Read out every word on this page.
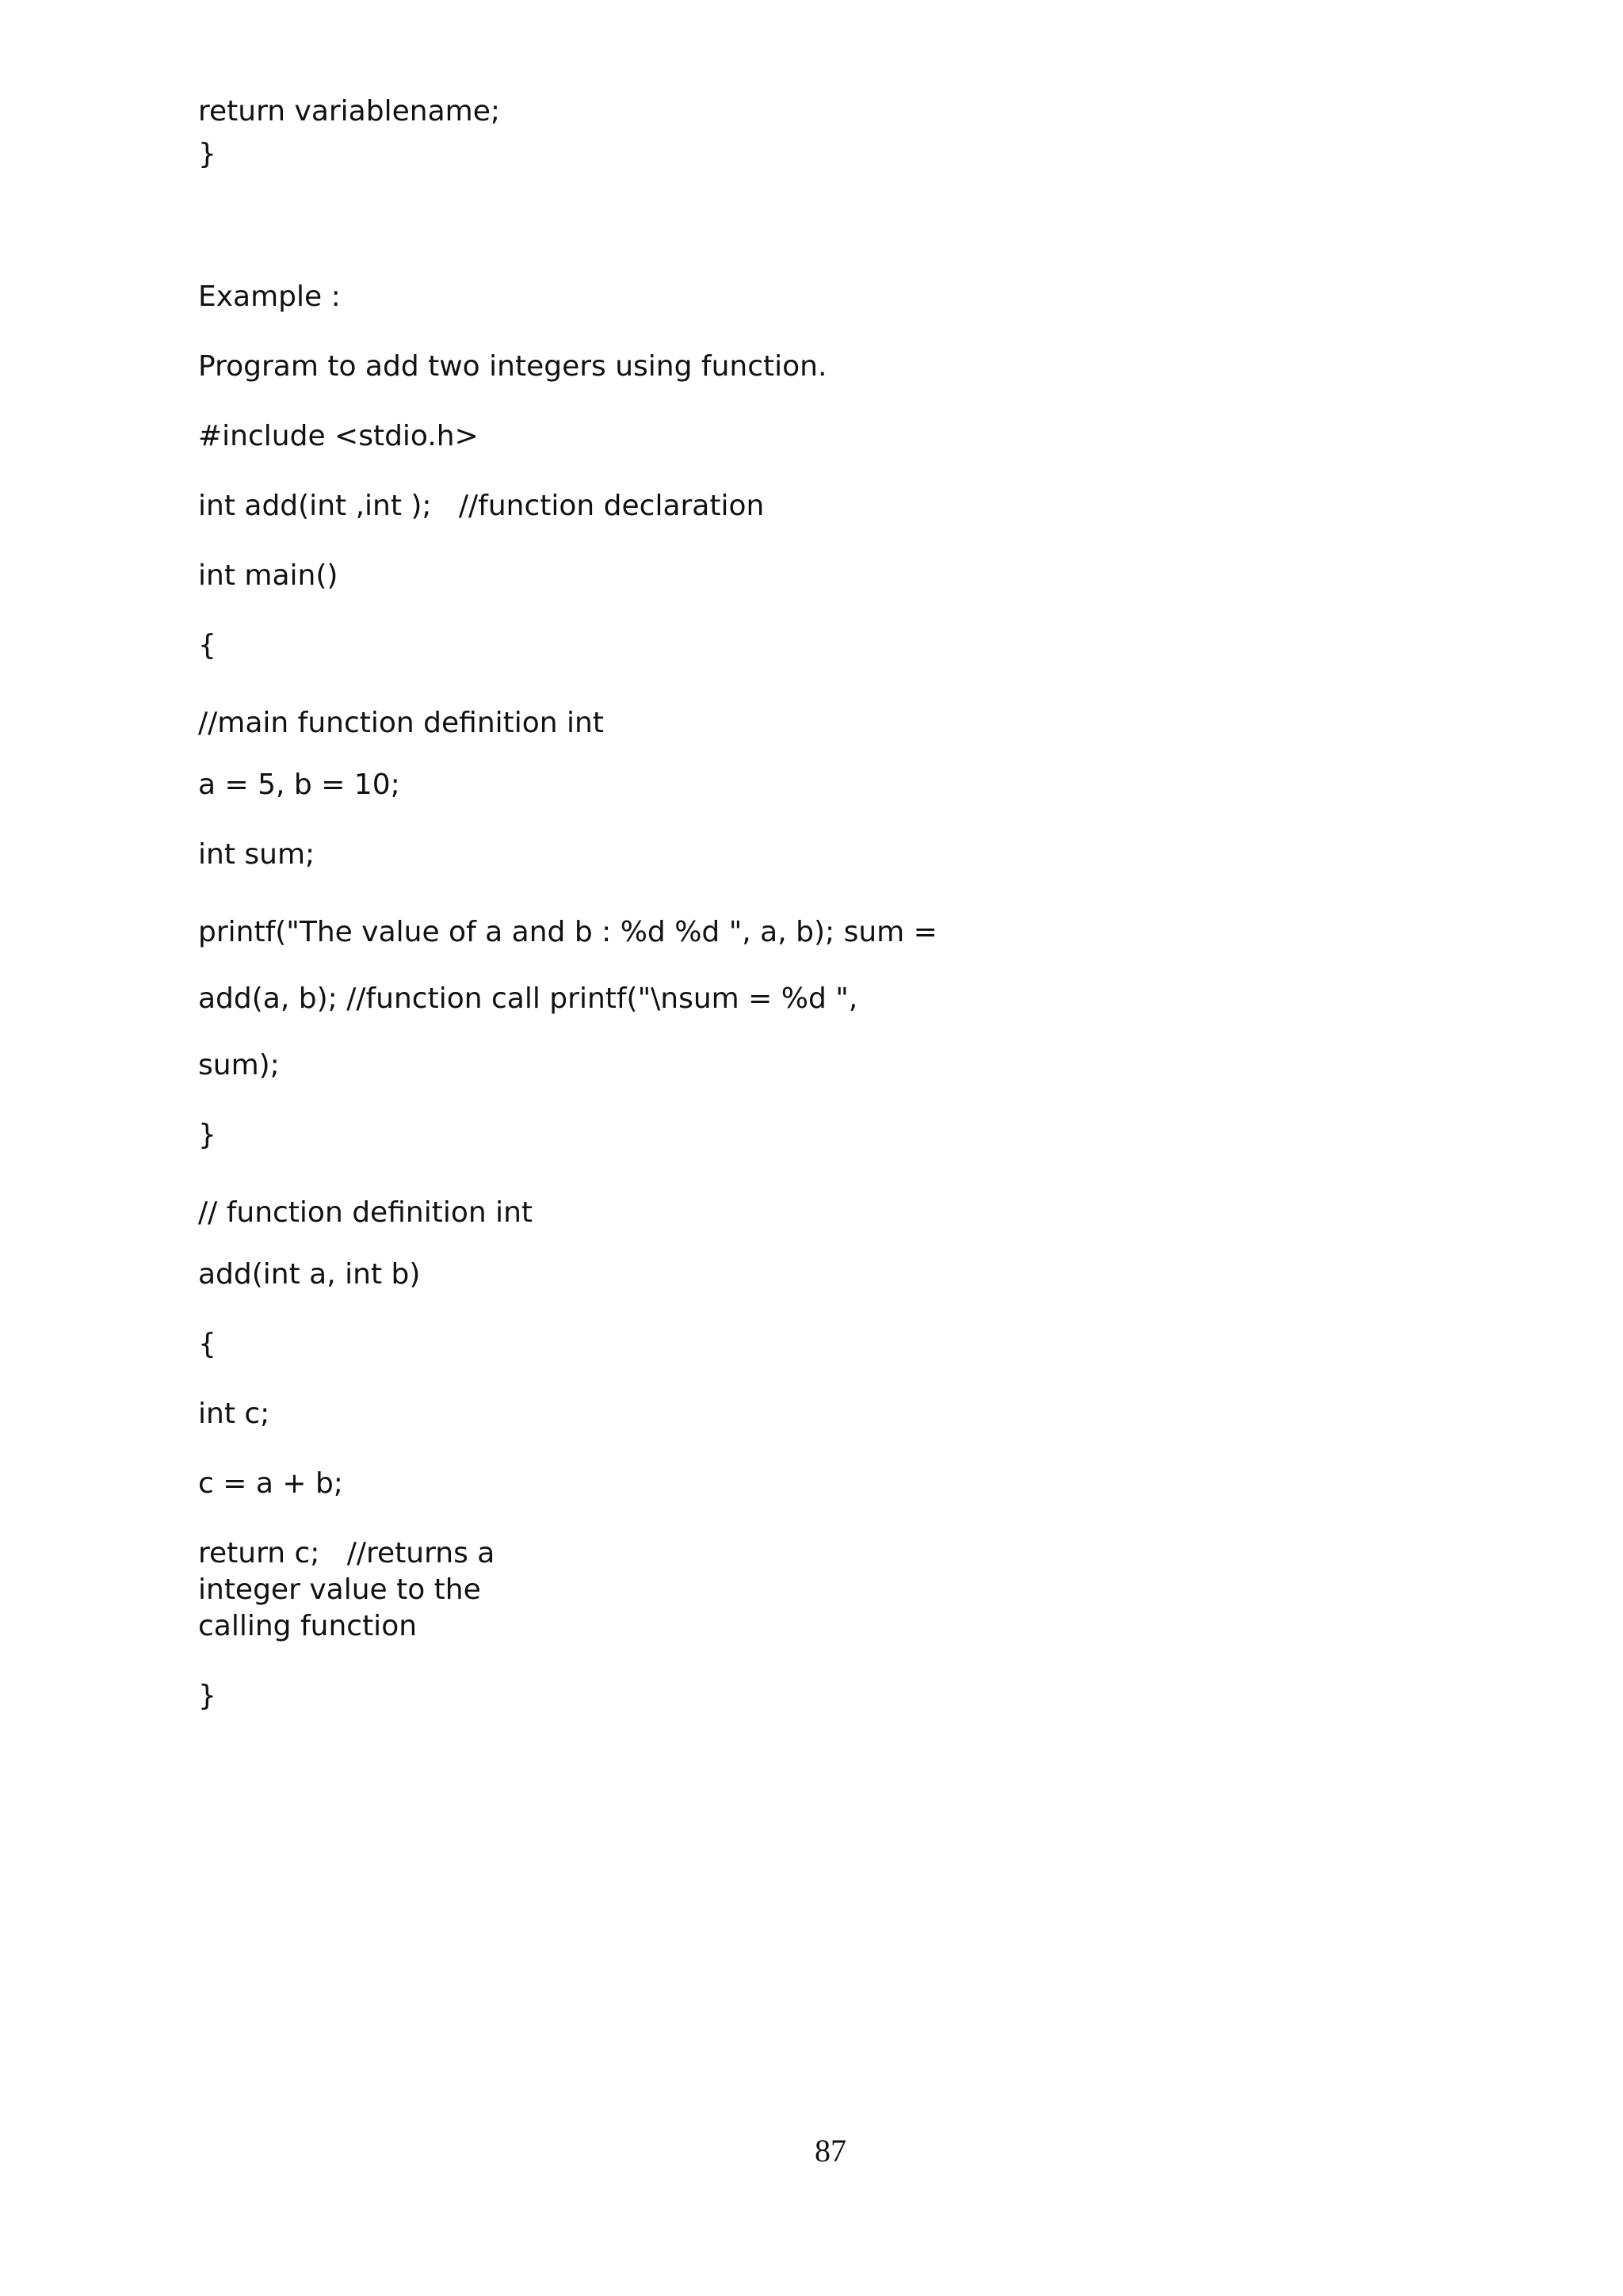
return variablename;

}

Example :

Program to add two integers using function.

#include <stdio.h>

int add(int ,int );   //function declaration

int main()

{

//main function definition int

a = 5, b = 10;

int sum;

printf("The value of a and b : %d %d ", a, b); sum =

add(a, b); //function call printf("\nsum = %d ",

sum);

}

// function definition int

add(int a, int b)

{

int c;

c = a + b;

return c;   //returns a

integer value to the

calling function

}

87
